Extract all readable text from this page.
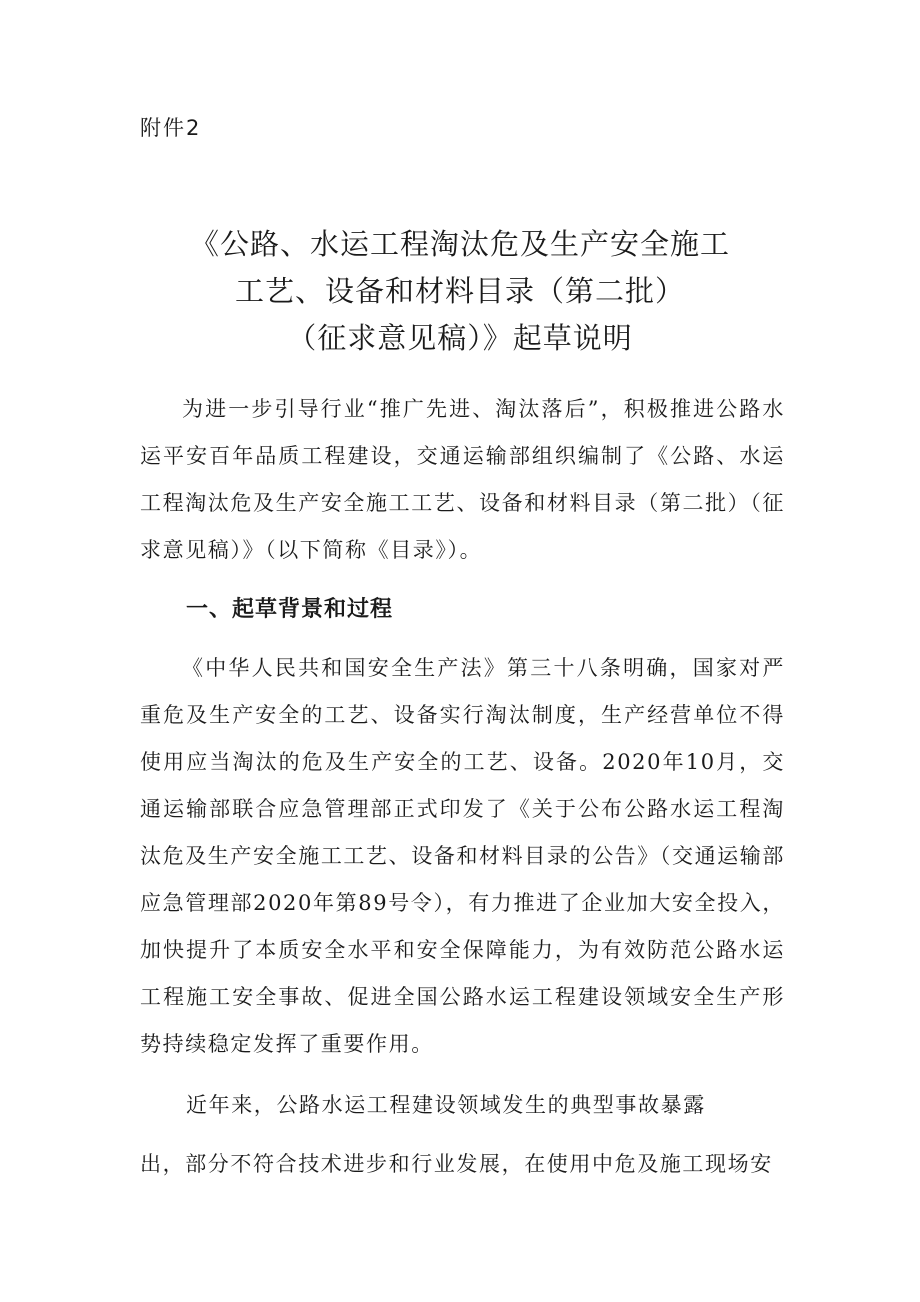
附件2
《公路、水运工程淘汰危及生产安全施工
工艺、设备和材料目录（第二批）
（征求意见稿）》起草说明

为进一步引导行业“推广先进、淘汰落后”，积极推进公路水运平安百年品质工程建设，交通运输部组织编制了《公路、水运工程淘汰危及生产安全施工工艺、设备和材料目录（第二批）（征求意见稿）》（以下简称《目录》）。

一、起草背景和过程

《中华人民共和国安全生产法》第三十八条明确，国家对严重危及生产安全的工艺、设备实行淘汰制度，生产经营单位不得使用应当淘汰的危及生产安全的工艺、设备。2020年10月，交通运输部联合应急管理部正式印发了《关于公布公路水运工程淘汰危及生产安全施工工艺、设备和材料目录的公告》（交通运输部应急管理部2020年第89号令），有力推进了企业加大安全投入，加快提升了本质安全水平和安全保障能力，为有效防范公路水运工程施工安全事故、促进全国公路水运工程建设领域安全生产形势持续稳定发挥了重要作用。

近年来，公路水运工程建设领域发生的典型事故暴露

出，部分不符合技术进步和行业发展，在使用中危及施工现场安
